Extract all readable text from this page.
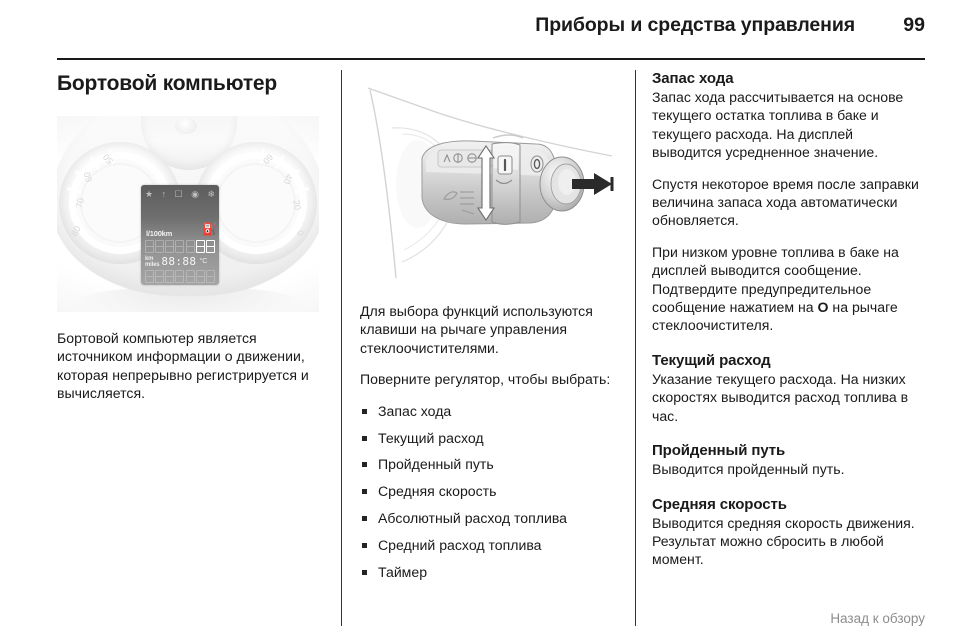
Приборы и средства управления	99
Бортовой компьютер
80
70
60
50	60
40
20
0
★ ↑ ☐ ◉ ❄
l/100km ⛽
km
miles 88:88 °C

Бортовой компьютер является источником информации о движении, которая непрерывно регистрируется и вычисляется.

Для выбора функций используются клавиши на рычаге управления стеклоочистителями.

Поверните регулятор, чтобы выбрать:

Запас хода
Текущий расход
Пройденный путь
Средняя скорость
Абсолютный расход топлива
Средний расход топлива
Таймер
Запас хода

Запас хода рассчитывается на основе текущего остатка топлива в баке и текущего расхода. На дисплей выводится усредненное значение.

Спустя некоторое время после заправки величина запаса хода автоматически обновляется.

При низком уровне топлива в баке на дисплей выводится сообщение. Подтвердите предупредительное сообщение нажатием на O на рычаге стеклоочистителя.

Текущий расход

Указание текущего расхода. На низких скоростях выводится расход топлива в час.

Пройденный путь

Выводится пройденный путь.

Средняя скорость

Выводится средняя скорость движения. Результат можно сбросить в любой момент.

Назад к обзору
